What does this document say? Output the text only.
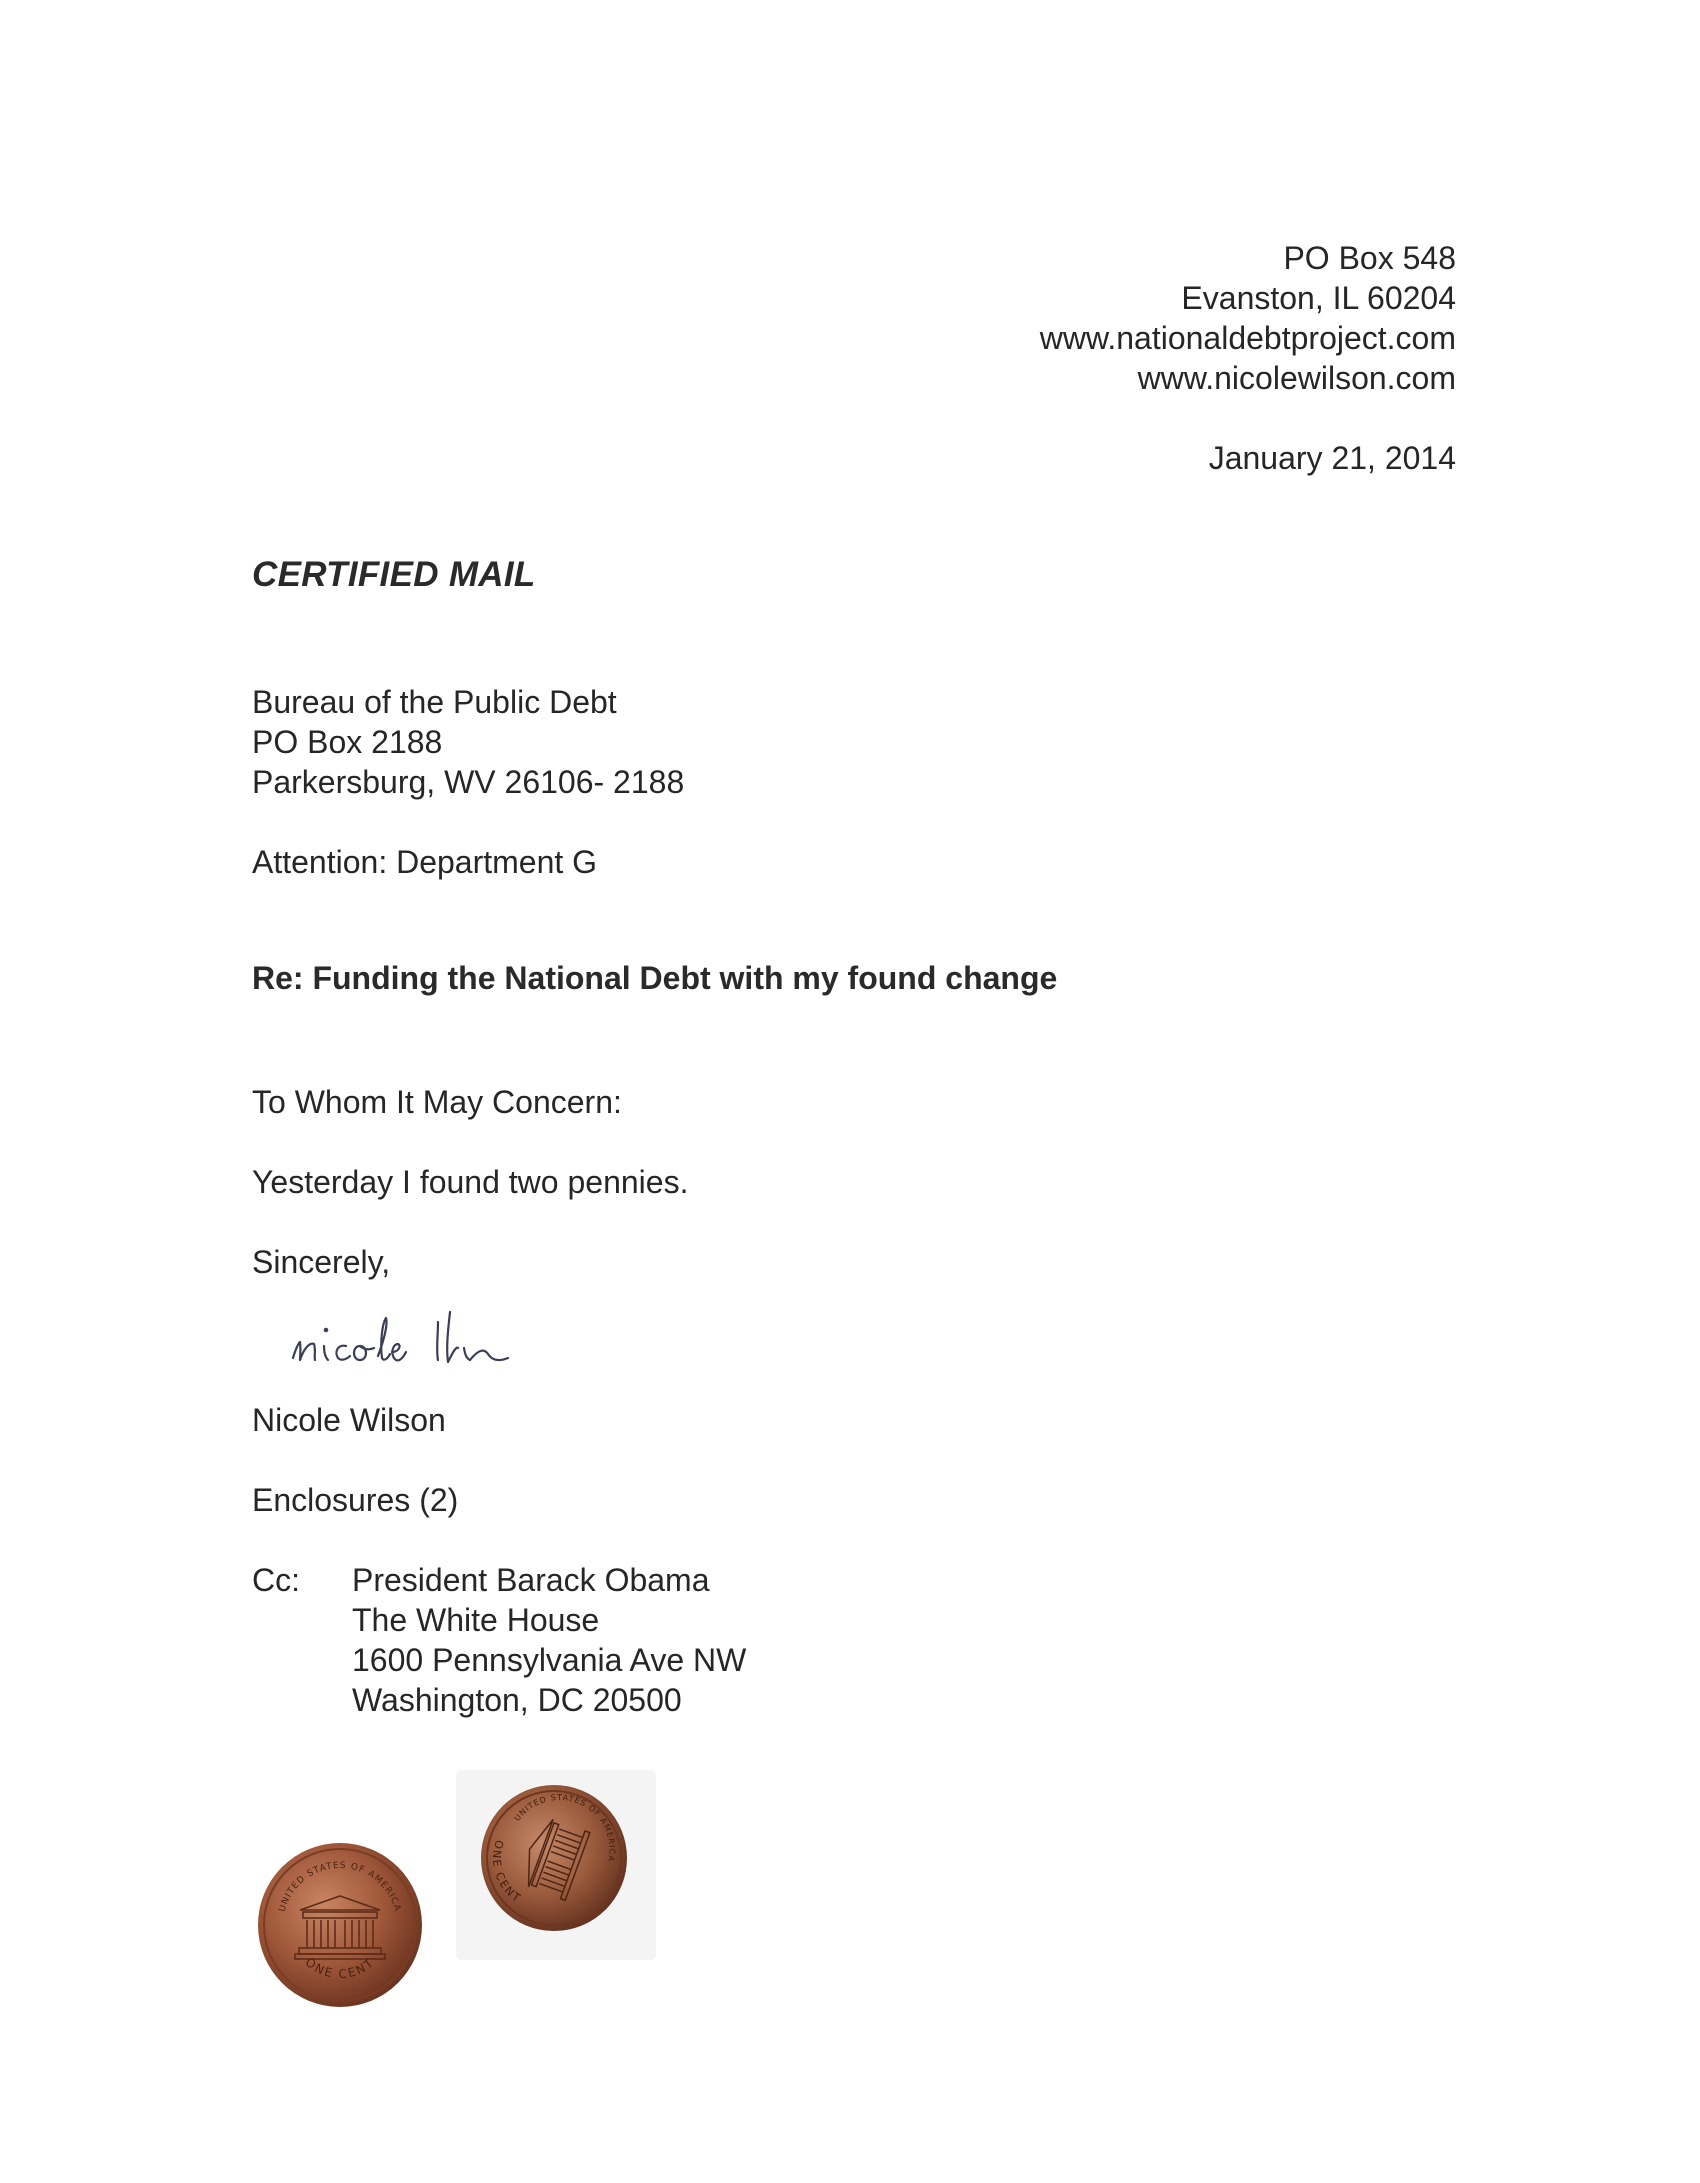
PO Box 548
Evanston, IL 60204
www.nationaldebtproject.com
www.nicolewilson.com
January 21, 2014
CERTIFIED MAIL
Bureau of the Public Debt
PO Box 2188
Parkersburg, WV 26106- 2188
Attention: Department G
Re: Funding the National Debt with my found change
To Whom It May Concern:
Yesterday I found two pennies.
Sincerely,
Nicole Wilson
Enclosures (2)
Cc: President Barack Obama
The White House
1600 Pennsylvania Ave NW
Washington, DC 20500
UNITED STATES OF AMERICA
ONE CENT
UNITED STATES OF AMERICA
ONE CENT
